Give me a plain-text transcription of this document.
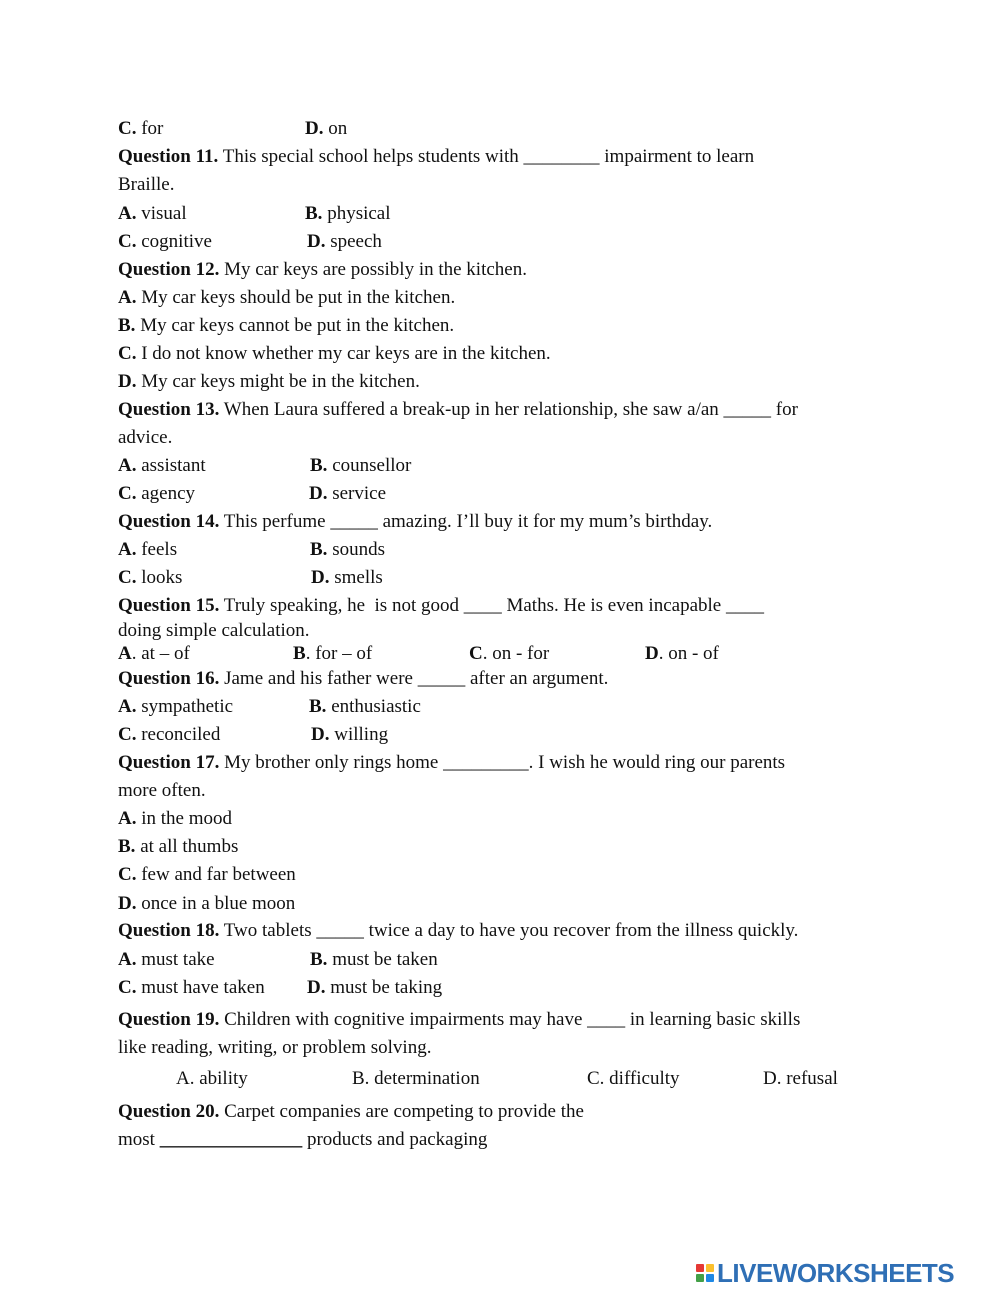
C. for	D. on
Question 11. This special school helps students with ________ impairment to learn
Braille.
A. visual	B. physical
C. cognitive	D. speech
Question 12. My car keys are possibly in the kitchen.
A. My car keys should be put in the kitchen.
B. My car keys cannot be put in the kitchen.
C. I do not know whether my car keys are in the kitchen.
D. My car keys might be in the kitchen.
Question 13. When Laura suffered a break-up in her relationship, she saw a/an _____ for
advice.
A. assistant	B. counsellor
C. agency	D. service
Question 14. This perfume _____ amazing. I’ll buy it for my mum’s birthday.
A. feels	B. sounds
C. looks	D. smells
Question 15. Truly speaking, he  is not good ____ Maths. He is even incapable ____
doing simple calculation.
A. at – of	B. for – of	C. on - for	D. on - of
Question 16. Jame and his father were _____ after an argument.
A. sympathetic	B. enthusiastic
C. reconciled	D. willing
Question 17. My brother only rings home _________. I wish he would ring our parents
more often.
A. in the mood
B. at all thumbs
C. few and far between
D. once in a blue moon
Question 18. Two tablets _____ twice a day to have you recover from the illness quickly.
A. must take	B. must be taken
C. must have taken D. must be taking
Question 19. Children with cognitive impairments may have ____ in learning basic skills
like reading, writing, or problem solving.
A. ability	B. determination	C. difficulty	D. refusal
Question 20. Carpet companies are competing to provide the
most _______________ products and packaging
LIVEWORKSHEETS
